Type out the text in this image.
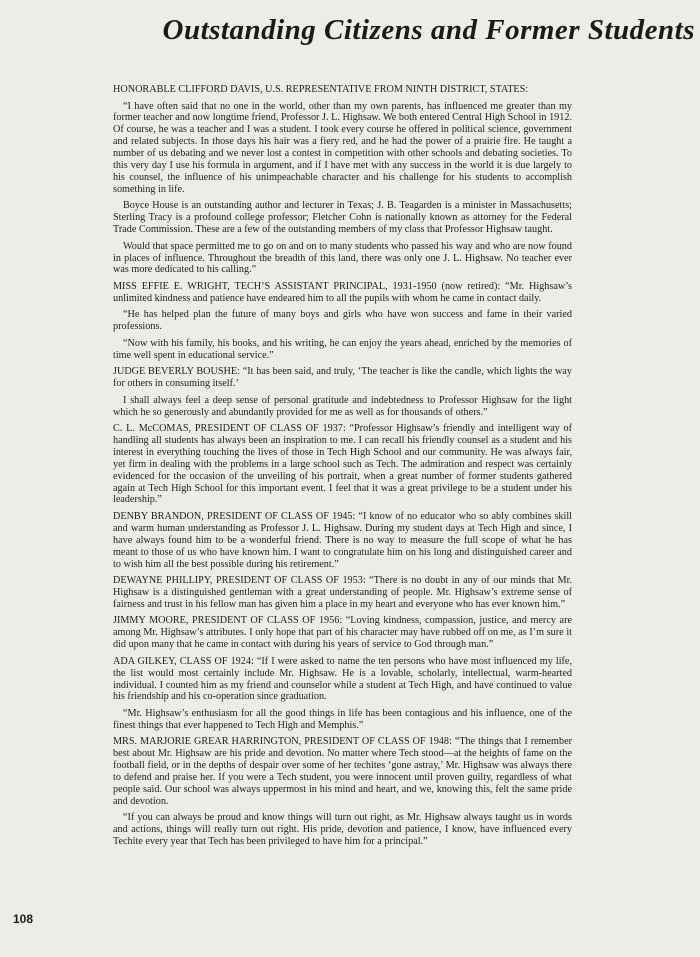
Outstanding Citizens and Former Students

HONORABLE CLIFFORD DAVIS, U.S. REPRESENTATIVE FROM NINTH DISTRICT, STATES:

“I have often said that no one in the world, other than my own parents, has influenced me greater than my former teacher and now longtime friend, Professor J. L. Highsaw. We both entered Central High School in 1912. Of course, he was a teacher and I was a student. I took every course he offered in political science, government and related subjects. In those days his hair was a fiery red, and he had the power of a prairie fire. He taught a number of us debating and we never lost a contest in competition with other schools and debating societies. To this very day I use his formula in argument, and if I have met with any success in the world it is due largely to his counsel, the influence of his unimpeachable character and his challenge for his students to accomplish something in life.

Boyce House is an outstanding author and lecturer in Texas; J. B. Teagarden is a minister in Massachusetts; Sterling Tracy is a profound college professor; Fletcher Cohn is nationally known as attorney for the Federal Trade Commission. These are a few of the outstanding members of my class that Professor Highsaw taught.

Would that space permitted me to go on and on to many students who passed his way and who are now found in places of influence. Throughout the breadth of this land, there was only one J. L. Highsaw. No teacher ever was more dedicated to his calling.”

MISS EFFIE E. WRIGHT, TECH’S ASSISTANT PRINCIPAL, 1931-1950 (now retired): “Mr. Highsaw’s unlimited kindness and patience have endeared him to all the pupils with whom he came in contact daily.

“He has helped plan the future of many boys and girls who have won success and fame in their varied professions.

“Now with his family, his books, and his writing, he can enjoy the years ahead, enriched by the memories of time well spent in educational service.”

JUDGE BEVERLY BOUSHE: “It has been said, and truly, ‘The teacher is like the candle, which lights the way for others in consuming itself.’

I shall always feel a deep sense of personal gratitude and indebtedness to Professor Highsaw for the light which he so generously and abundantly provided for me as well as for thousands of others.”

C. L. McCOMAS, PRESIDENT OF CLASS OF 1937: “Professor Highsaw’s friendly and intelligent way of handling all students has always been an inspiration to me. I can recall his friendly counsel as a student and his interest in everything touching the lives of those in Tech High School and our community. He was always fair, yet firm in dealing with the problems in a large school such as Tech. The admiration and respect was certainly evidenced for the occasion of the unveiling of his portrait, when a great number of former students gathered again at Tech High School for this important event. I feel that it was a great privilege to be a student under his leadership.”

DENBY BRANDON, PRESIDENT OF CLASS OF 1945: “I know of no educator who so ably combines skill and warm human understanding as Professor J. L. Highsaw. During my student days at Tech High and since, I have always found him to be a wonderful friend. There is no way to measure the full scope of what he has meant to those of us who have known him. I want to congratulate him on his long and distinguished career and to wish him all the best possible during his retirement.”

DEWAYNE PHILLIPY, PRESIDENT OF CLASS OF 1953: “There is no doubt in any of our minds that Mr. Highsaw is a distinguished gentleman with a great understanding of people. Mr. Highsaw’s extreme sense of fairness and trust in his fellow man has given him a place in my heart and everyone who has ever known him.”

JIMMY MOORE, PRESIDENT OF CLASS OF 1956: “Loving kindness, compassion, justice, and mercy are among Mr. Highsaw’s attributes. I only hope that part of his character may have rubbed off on me, as I’m sure it did upon many that he came in contact with during his years of service to God through man.”

ADA GILKEY, CLASS OF 1924: “If I were asked to name the ten persons who have most influenced my life, the list would most certainly include Mr. Highsaw. He is a lovable, scholarly, intellectual, warm-hearted individual. I counted him as my friend and counselor while a student at Tech High, and have continued to value his friendship and his co-operation since graduation.

“Mr. Highsaw’s enthusiasm for all the good things in life has been contagious and his influence, one of the finest things that ever happened to Tech High and Memphis.”

MRS. MARJORIE GREAR HARRINGTON, PRESIDENT OF CLASS OF 1948: “The things that I remember best about Mr. Highsaw are his pride and devotion. No matter where Tech stood—at the heights of fame on the football field, or in the depths of despair over some of her techites ‘gone astray,’ Mr. Highsaw was always there to defend and praise her. If you were a Tech student, you were innocent until proven guilty, regardless of what people said. Our school was always uppermost in his mind and heart, and we, knowing this, felt the same pride and devotion.

“If you can always be proud and know things will turn out right, as Mr. Highsaw always taught us in words and actions, things will really turn out right. His pride, devotion and patience, I know, have influenced every Techite every year that Tech has been privileged to have him for a principal.”

108
